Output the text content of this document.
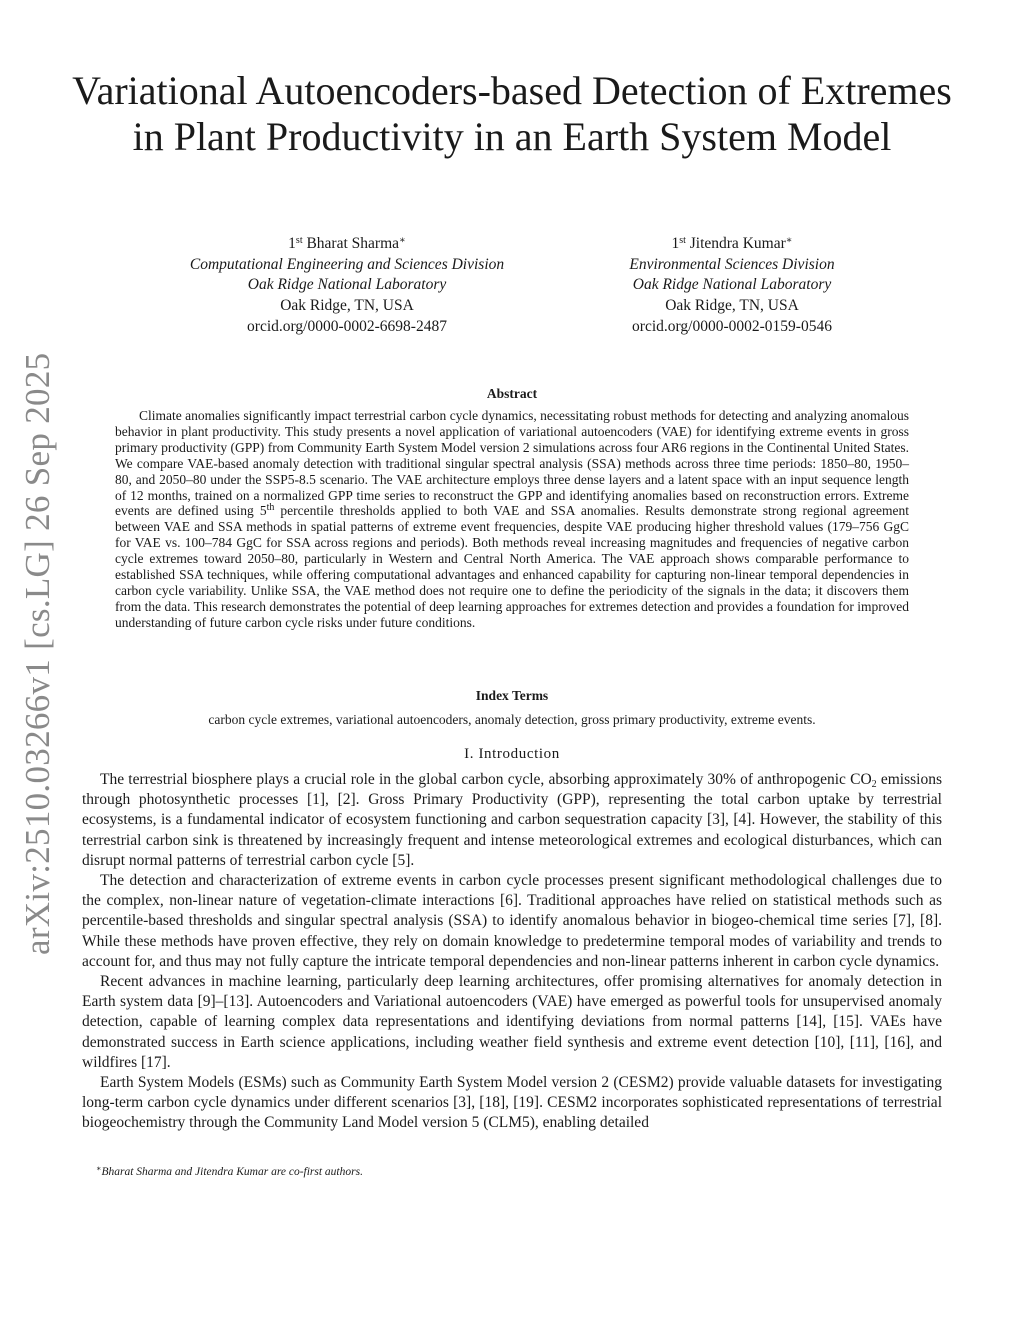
arXiv:2510.03266v1 [cs.LG] 26 Sep 2025
Variational Autoencoders-based Detection of Extremes in Plant Productivity in an Earth System Model
1st Bharat Sharma∗
Computational Engineering and Sciences Division
Oak Ridge National Laboratory
Oak Ridge, TN, USA
orcid.org/0000-0002-6698-2487
1st Jitendra Kumar∗
Environmental Sciences Division
Oak Ridge National Laboratory
Oak Ridge, TN, USA
orcid.org/0000-0002-0159-0546
Abstract

Climate anomalies significantly impact terrestrial carbon cycle dynamics, necessitating robust methods for detecting and analyzing anomalous behavior in plant productivity. This study presents a novel application of variational autoencoders (VAE) for identifying extreme events in gross primary productivity (GPP) from Community Earth System Model version 2 simulations across four AR6 regions in the Continental United States. We compare VAE-based anomaly detection with traditional singular spectral analysis (SSA) methods across three time periods: 1850–80, 1950–80, and 2050–80 under the SSP5-8.5 scenario. The VAE architecture employs three dense layers and a latent space with an input sequence length of 12 months, trained on a normalized GPP time series to reconstruct the GPP and identifying anomalies based on reconstruction errors. Extreme events are defined using 5th percentile thresholds applied to both VAE and SSA anomalies. Results demonstrate strong regional agreement between VAE and SSA methods in spatial patterns of extreme event frequencies, despite VAE producing higher threshold values (179–756 GgC for VAE vs. 100–784 GgC for SSA across regions and periods). Both methods reveal increasing magnitudes and frequencies of negative carbon cycle extremes toward 2050–80, particularly in Western and Central North America. The VAE approach shows comparable performance to established SSA techniques, while offering computational advantages and enhanced capability for capturing non-linear temporal dependencies in carbon cycle variability. Unlike SSA, the VAE method does not require one to define the periodicity of the signals in the data; it discovers them from the data. This research demonstrates the potential of deep learning approaches for extremes detection and provides a foundation for improved understanding of future carbon cycle risks under future conditions.

Index Terms
carbon cycle extremes, variational autoencoders, anomaly detection, gross primary productivity, extreme events.
I. Introduction

The terrestrial biosphere plays a crucial role in the global carbon cycle, absorbing approximately 30% of anthropogenic $CO_2$ emissions through photosynthetic processes [1], [2]. Gross Primary Productivity (GPP), representing the total carbon uptake by terrestrial ecosystems, is a fundamental indicator of ecosystem functioning and carbon sequestration capacity [3], [4]. However, the stability of this terrestrial carbon sink is threatened by increasingly frequent and intense meteorological extremes and ecological disturbances, which can disrupt normal patterns of terrestrial carbon cycle [5].

The detection and characterization of extreme events in carbon cycle processes present significant methodological challenges due to the complex, non-linear nature of vegetation-climate interactions [6]. Traditional approaches have relied on statistical methods such as percentile-based thresholds and singular spectral analysis (SSA) to identify anomalous behavior in biogeo-chemical time series [7], [8]. While these methods have proven effective, they rely on domain knowledge to predetermine temporal modes of variability and trends to account for, and thus may not fully capture the intricate temporal dependencies and non-linear patterns inherent in carbon cycle dynamics.

Recent advances in machine learning, particularly deep learning architectures, offer promising alternatives for anomaly detection in Earth system data [9]–[13]. Autoencoders and Variational autoencoders (VAE) have emerged as powerful tools for unsupervised anomaly detection, capable of learning complex data representations and identifying deviations from normal patterns [14], [15]. VAEs have demonstrated success in Earth science applications, including weather field synthesis and extreme event detection [10], [11], [16], and wildfires [17].

Earth System Models (ESMs) such as Community Earth System Model version 2 (CESM2) provide valuable datasets for investigating long-term carbon cycle dynamics under different scenarios [3], [18], [19]. CESM2 incorporates sophisticated representations of terrestrial biogeochemistry through the Community Land Model version 5 (CLM5), enabling detailed

∗Bharat Sharma and Jitendra Kumar are co-first authors.
